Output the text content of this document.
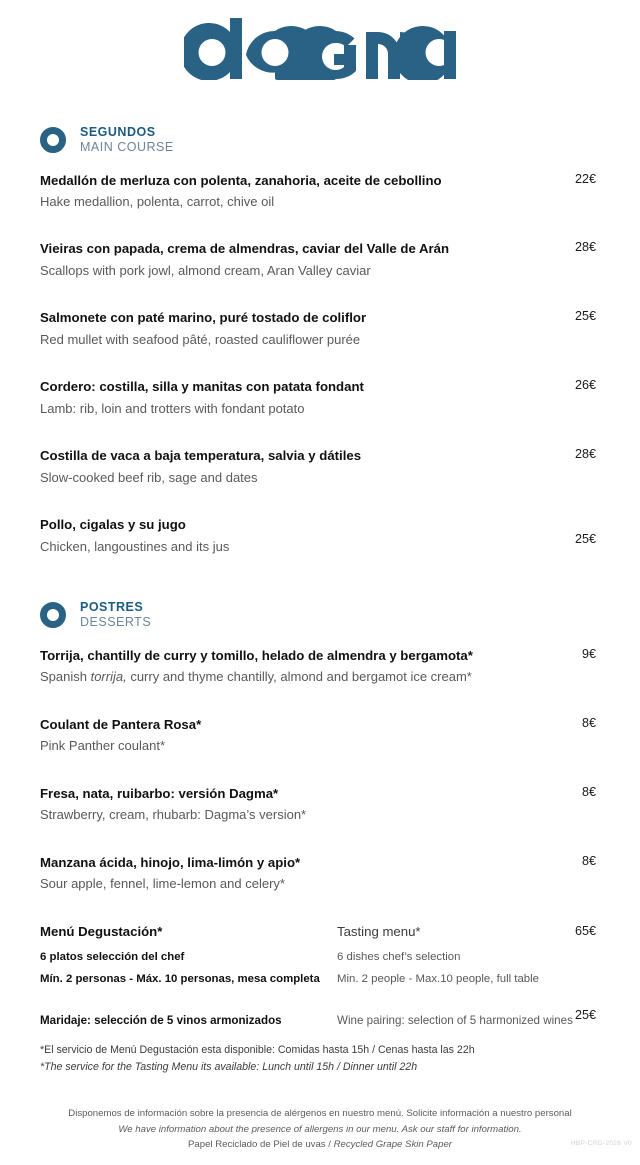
SEGUNDOS
MAIN COURSE
Medallón de merluza con polenta, zanahoria, aceite de cebollino
Hake medallion, polenta, carrot, chive oil
22€
Vieiras con papada, crema de almendras, caviar del Valle de Arán
Scallops with pork jowl, almond cream, Aran Valley caviar
28€
Salmonete con paté marino, puré tostado de coliflor
Red mullet with seafood pâté, roasted cauliflower purée
25€
Cordero: costilla, silla y manitas con patata fondant
Lamb: rib, loin and trotters with fondant potato
26€
Costilla de vaca a baja temperatura, salvia y dátiles
Slow-cooked beef rib, sage and dates
28€
Pollo, cigalas y su jugo
Chicken, langoustines and its jus	25€
POSTRES
DESSERTS
Torrija, chantilly de curry y tomillo, helado de almendra y bergamota*
Spanish torrija, curry and thyme chantilly, almond and bergamot ice cream*
9€
Coulant de Pantera Rosa*
Pink Panther coulant*
8€
Fresa, nata, ruibarbo: versión Dagma*
Strawberry, cream, rhubarb: Dagma’s version*
8€
Manzana ácida, hinojo, lima-limón y apio*
Sour apple, fennel, lime-lemon and celery*
8€
Menú Degustación*	Tasting menu*	65€
6 platos selección del chef	6 dishes chef’s selection
Mín. 2 personas - Máx. 10 personas, mesa completa	Min. 2 people - Max.10 people, full table
Maridaje: selección de 5 vinos armonizados	Wine pairing: selection of 5 harmonized wines 25€
*El servicio de Menú Degustación esta disponible: Comidas hasta 15h / Cenas hasta las 22h
*The service for the Tasting Menu its available: Lunch until 15h / Dinner until 22h
Disponemos de información sobre la presencia de alérgenos en nuestro menú. Solicite información a nuestro personal
We have information about the presence of allergens in our menu. Ask our staff for information.
Papel Reciclado de Piel de uvas / Recycled Grape Skin Paper	HBP-CRD-2026 V0
